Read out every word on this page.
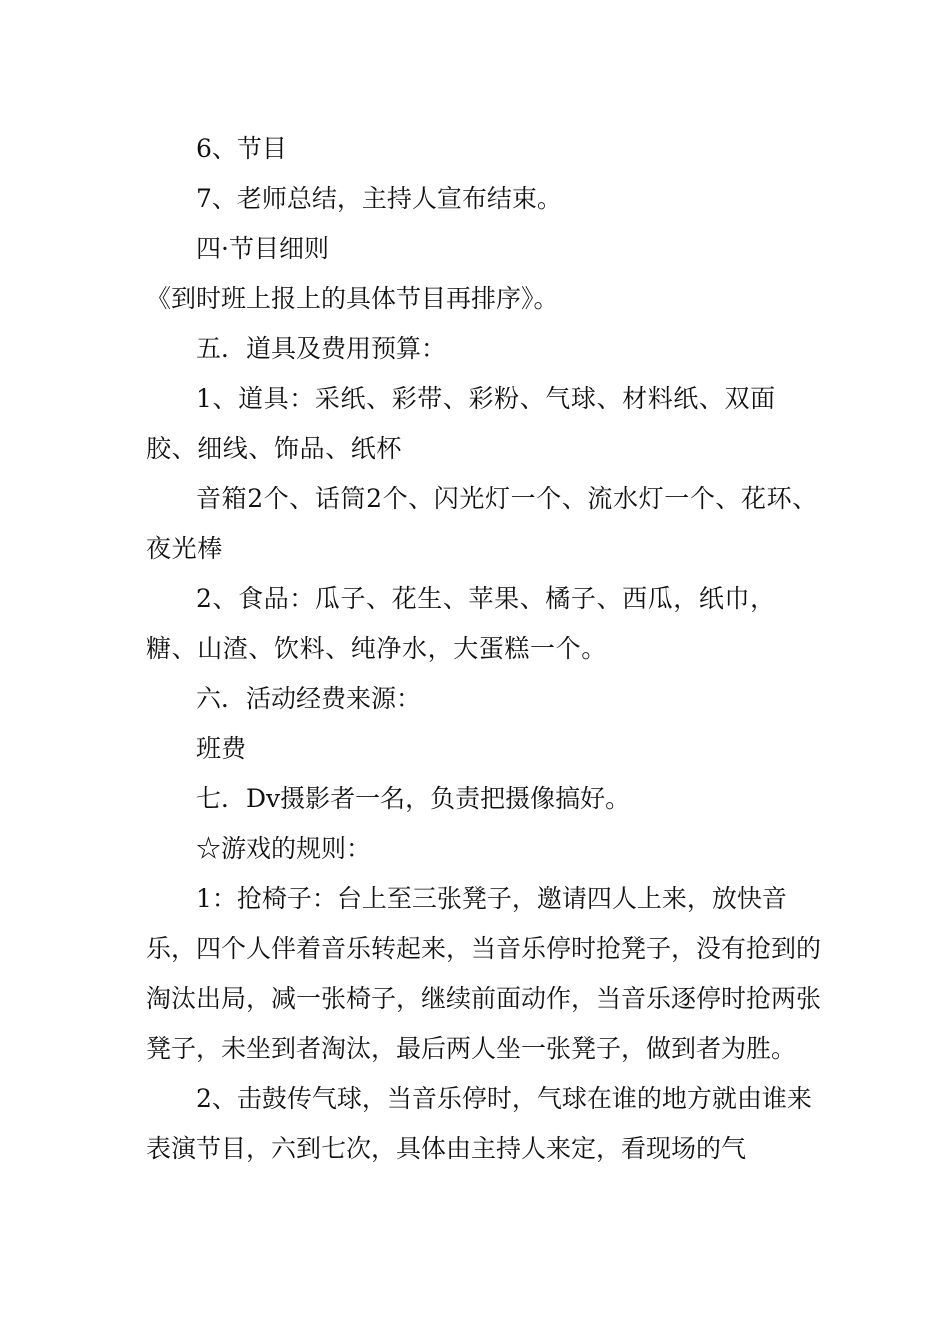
6、节目

7、老师总结，主持人宣布结束。

四·节目细则

《到时班上报上的具体节目再排序》。

五．道具及费用预算：

1、道具：采纸、彩带、彩粉、气球、材料纸、双面胶、细线、饰品、纸杯

音箱2个、话筒2个、闪光灯一个、流水灯一个、花环、夜光棒

2、食品：瓜子、花生、苹果、橘子、西瓜，纸巾，糖、山渣、饮料、纯净水，大蛋糕一个。

六．活动经费来源：

班费

七．Dv摄影者一名，负责把摄像搞好。

☆游戏的规则：

1：抢椅子：台上至三张凳子，邀请四人上来，放快音乐，四个人伴着音乐转起来，当音乐停时抢凳子，没有抢到的淘汰出局，减一张椅子，继续前面动作，当音乐逐停时抢两张凳子，未坐到者淘汰，最后两人坐一张凳子，做到者为胜。

2、击鼓传气球，当音乐停时，气球在谁的地方就由谁来表演节目，六到七次，具体由主持人来定，看现场的气
